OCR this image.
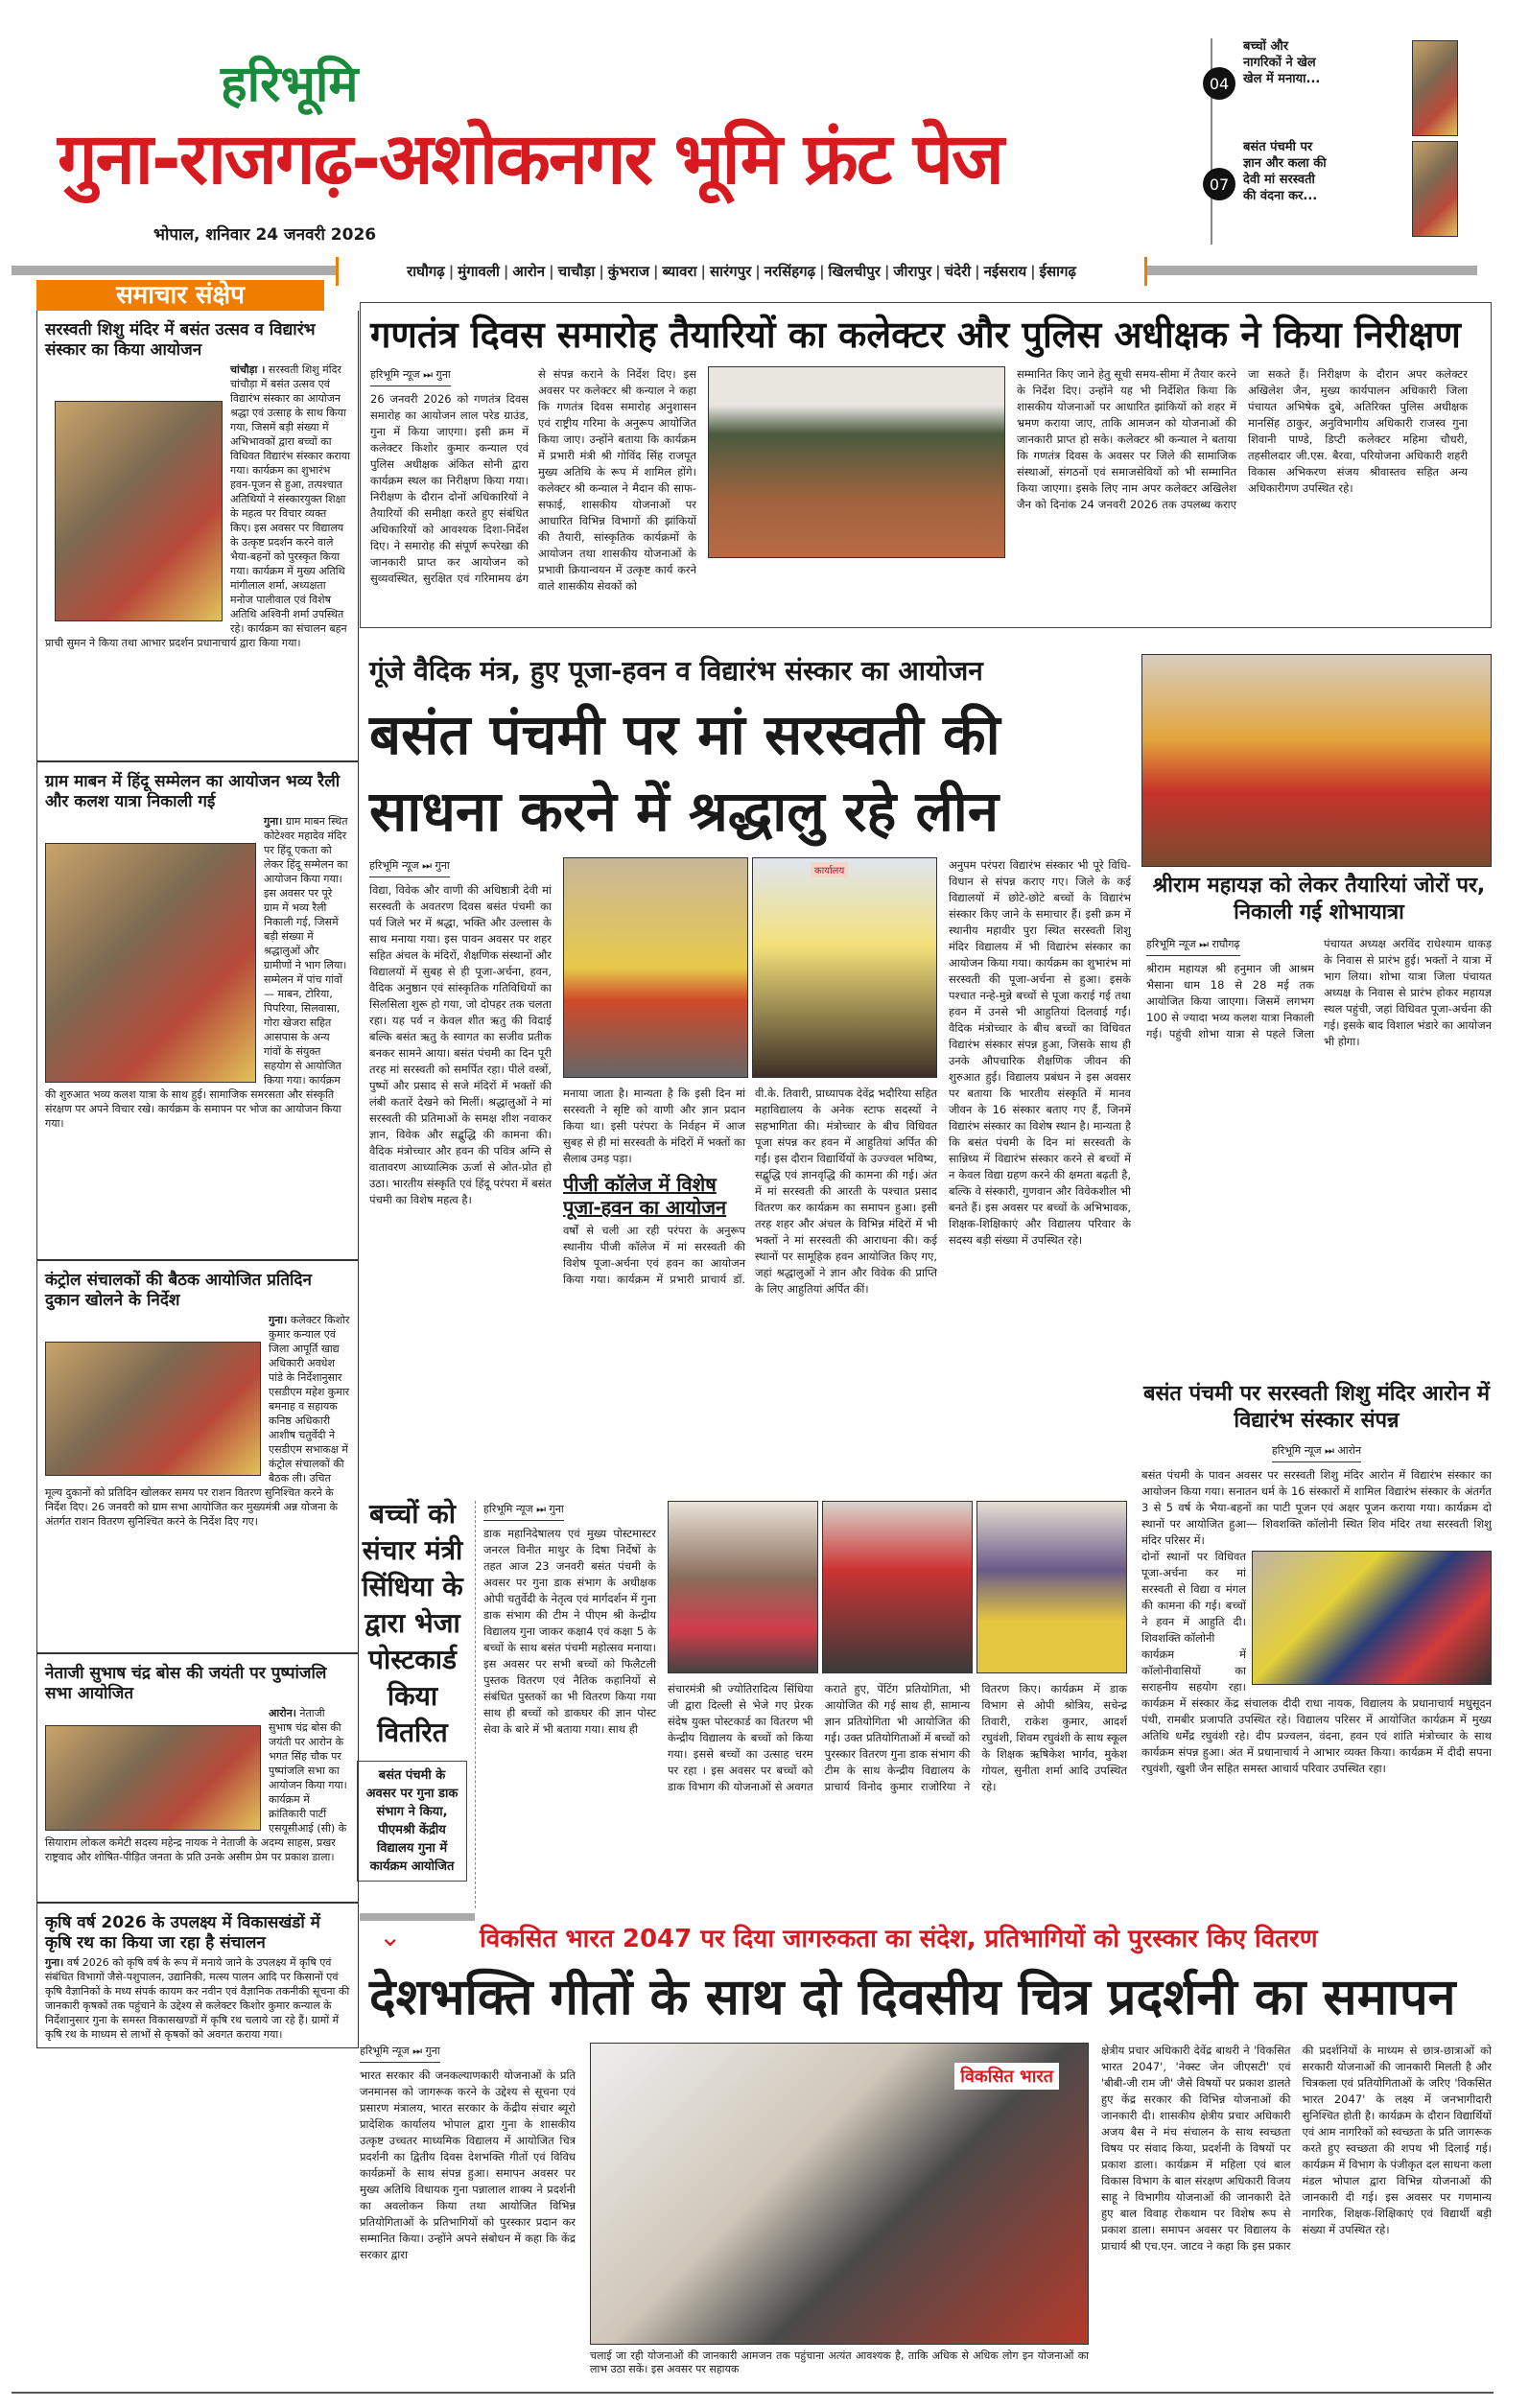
हरिभूमि
गुना-राजगढ़-अशोकनगर भूमि फ्रंट पेज
भोपाल, शनिवार 24 जनवरी 2026
04
बच्चों और नागरिकों ने खेल खेल में मनाया...
07
बसंत पंचमी पर ज्ञान और कला की देवी मां सरस्वती की वंदना कर...
राघौगढ़ | मुंगावली | आरोन | चाचौड़ा | कुंभराज | ब्यावरा | सारंगपुर | नरसिंहगढ़ | खिलचीपुर | जीरापुर | चंदेरी | नईसराय | ईसागढ़
समाचार संक्षेप
सरस्वती शिशु मंदिर में बसंत उत्सव व विद्यारंभ संस्कार का किया आयोजन
चांचौड़ा । सरस्वती शिशु मंदिर चांचौड़ा में बसंत उत्सव एवं विद्यारंभ संस्कार का आयोजन श्रद्धा एवं उत्साह के साथ किया गया, जिसमें बड़ी संख्या में अभिभावकों द्वारा बच्चों का विधिवत विद्यारंभ संस्कार कराया गया। कार्यक्रम का शुभारंभ हवन-पूजन से हुआ, तत्पश्चात अतिथियों ने संस्कारयुक्त शिक्षा के महत्व पर विचार व्यक्त किए। इस अवसर पर विद्यालय के उत्कृष्ट प्रदर्शन करने वाले भैया-बहनों को पुरस्कृत किया गया। कार्यक्रम में मुख्य अतिथि मांगीलाल शर्मा, अध्यक्षता मनोज पालीवाल एवं विशेष अतिथि अश्विनी शर्मा उपस्थित रहे। कार्यक्रम का संचालन बहन प्राची सुमन ने किया तथा आभार प्रदर्शन प्रधानाचार्य द्वारा किया गया।
ग्राम माबन में हिंदू सम्मेलन का आयोजन भव्य रैली और कलश यात्रा निकाली गई
गुना। ग्राम माबन स्थित कोटेश्वर महादेव मंदिर पर हिंदू एकता को लेकर हिंदू सम्मेलन का आयोजन किया गया। इस अवसर पर पूरे ग्राम में भव्य रैली निकाली गई, जिसमें बड़ी संख्या में श्रद्धालुओं और ग्रामीणों ने भाग लिया। सम्मेलन में पांच गांवों— माबन, टोरिया, पिपरिया, सिलवासा, गोरा खेजरा सहित आसपास के अन्य गांवों के संयुक्त सहयोग से आयोजित किया गया। कार्यक्रम की शुरुआत भव्य कलश यात्रा के साथ हुई। सामाजिक समरसता और संस्कृति संरक्षण पर अपने विचार रखे। कार्यक्रम के समापन पर भोज का आयोजन किया गया।
कंट्रोल संचालकों की बैठक आयोजित प्रतिदिन दुकान खोलने के निर्देश
गुना। कलेक्टर किशोर कुमार कन्याल एवं जिला आपूर्ति खाद्य अधिकारी अवधेश पांडे के निर्देशानुसार एसडीएम महेश कुमार बमनाह व सहायक कनिष्ठ अधिकारी आशीष चतुर्वेदी ने एसडीएम सभाकक्ष में कंट्रोल संचालकों की बैठक ली। उचित मूल्य दुकानों को प्रतिदिन खोलकर समय पर राशन वितरण सुनिश्चित करने के निर्देश दिए। 26 जनवरी को ग्राम सभा आयोजित कर मुख्यमंत्री अन्न योजना के अंतर्गत राशन वितरण सुनिश्चित करने के निर्देश दिए गए।
नेताजी सुभाष चंद्र बोस की जयंती पर पुष्पांजलि सभा आयोजित
आरोन। नेताजी सुभाष चंद्र बोस की जयंती पर आरोन के भगत सिंह चौक पर पुष्पांजलि सभा का आयोजन किया गया। कार्यक्रम में क्रांतिकारी पार्टी एसयूसीआई (सी) के सियाराम लोकल कमेटी सदस्य महेन्द्र नायक ने नेताजी के अदम्य साहस, प्रखर राष्ट्रवाद और शोषित-पीड़ित जनता के प्रति उनके असीम प्रेम पर प्रकाश डाला।
कृषि वर्ष 2026 के उपलक्ष्य में विकासखंडों में कृषि रथ का किया जा रहा है संचालन
गुना। वर्ष 2026 को कृषि वर्ष के रूप में मनाये जाने के उपलक्ष्य में कृषि एवं संबंधित विभागों जैसे-पशुपालन, उद्यानिकी, मत्स्य पालन आदि पर किसानों एवं कृषि वैज्ञानिकों के मध्य संपर्क कायम कर नवीन एवं वैज्ञानिक तकनीकी सूचना की जानकारी कृषकों तक पहुंचाने के उद्देश्य से कलेक्टर किशोर कुमार कन्याल के निर्देशानुसार गुना के समस्त विकासखण्डों में कृषि रथ चलाये जा रहे हैं। ग्रामों में कृषि रथ के माध्यम से लाभों से कृषकों को अवगत कराया गया।
गणतंत्र दिवस समारोह तैयारियों का कलेक्टर और पुलिस अधीक्षक ने किया निरीक्षण
हरिभूमि न्यूज ⏭ गुना
26 जनवरी 2026 को गणतंत्र दिवस समारोह का आयोजन लाल परेड ग्राउंड, गुना में किया जाएगा। इसी क्रम में कलेक्टर किशोर कुमार कन्याल एवं पुलिस अधीक्षक अंकित सोनी द्वारा कार्यक्रम स्थल का निरीक्षण किया गया। निरीक्षण के दौरान दोनों अधिकारियों ने तैयारियों की समीक्षा करते हुए संबंधित अधिकारियों को आवश्यक दिशा-निर्देश दिए। ने समारोह की संपूर्ण रूपरेखा की जानकारी प्राप्त कर आयोजन को सुव्यवस्थित, सुरक्षित एवं गरिमामय ढंग से संपन्न कराने के निर्देश दिए। इस अवसर पर कलेक्टर श्री कन्याल ने कहा कि गणतंत्र दिवस समारोह अनुशासन एवं राष्ट्रीय गरिमा के अनुरूप आयोजित किया जाए। उन्होंने बताया कि कार्यक्रम में प्रभारी मंत्री श्री गोविंद सिंह राजपूत मुख्य अतिथि के रूप में शामिल होंगे। कलेक्टर श्री कन्याल ने मैदान की साफ-सफाई, शासकीय योजनाओं पर आधारित विभिन्न विभागों की झांकियों की तैयारी, सांस्कृतिक कार्यक्रमों के आयोजन तथा शासकीय योजनाओं के प्रभावी क्रियान्वयन में उत्कृष्ट कार्य करने वाले शासकीय सेवकों को
सम्मानित किए जाने हेतु सूची समय-सीमा में तैयार करने के निर्देश दिए। उन्होंने यह भी निर्देशित किया कि शासकीय योजनाओं पर आधारित झांकियों को शहर में भ्रमण कराया जाए, ताकि आमजन को योजनाओं की जानकारी प्राप्त हो सके। कलेक्टर श्री कन्याल ने बताया कि गणतंत्र दिवस के अवसर पर जिले की सामाजिक संस्थाओं, संगठनों एवं समाजसेवियों को भी सम्मानित किया जाएगा। इसके लिए नाम अपर कलेक्टर अखिलेश जैन को दिनांक 24 जनवरी 2026 तक उपलब्ध कराए जा सकते हैं। निरीक्षण के दौरान अपर कलेक्टर अखिलेश जैन, मुख्य कार्यपालन अधिकारी जिला पंचायत अभिषेक दुबे, अतिरिक्त पुलिस अधीक्षक मानसिंह ठाकुर, अनुविभागीय अधिकारी राजस्व गुना शिवानी पाण्डे, डिप्टी कलेक्टर महिमा चौधरी, तहसीलदार जी.एस. बैरवा, परियोजना अधिकारी शहरी विकास अभिकरण संजय श्रीवास्तव सहित अन्य अधिकारीगण उपस्थित रहे।
गूंजे वैदिक मंत्र, हुए पूजा-हवन व विद्यारंभ संस्कार का आयोजन
बसंत पंचमी पर मां सरस्वती की साधना करने में श्रद्धालु रहे लीन
हरिभूमि न्यूज ⏭ गुना
विद्या, विवेक और वाणी की अधिष्ठात्री देवी मां सरस्वती के अवतरण दिवस बसंत पंचमी का पर्व जिले भर में श्रद्धा, भक्ति और उल्लास के साथ मनाया गया। इस पावन अवसर पर शहर सहित अंचल के मंदिरों, शैक्षणिक संस्थानों और विद्यालयों में सुबह से ही पूजा-अर्चना, हवन, वैदिक अनुष्ठान एवं सांस्कृतिक गतिविधियों का सिलसिला शुरू हो गया, जो दोपहर तक चलता रहा। यह पर्व न केवल शीत ऋतु की विदाई बल्कि बसंत ऋतु के स्वागत का सजीव प्रतीक बनकर सामने आया। बसंत पंचमी का दिन पूरी तरह मां सरस्वती को समर्पित रहा। पीले वस्त्रों, पुष्पों और प्रसाद से सजे मंदिरों में भक्तों की लंबी कतारें देखने को मिलीं। श्रद्धालुओं ने मां सरस्वती की प्रतिमाओं के समक्ष शीश नवाकर ज्ञान, विवेक और सद्बुद्धि की कामना की। वैदिक मंत्रोच्चार और हवन की पवित्र अग्नि से वातावरण आध्यात्मिक ऊर्जा से ओत-प्रोत हो उठा। भारतीय संस्कृति एवं हिंदू परंपरा में बसंत पंचमी का विशेष महत्व है।
कार्यालय
मनाया जाता है। मान्यता है कि इसी दिन मां सरस्वती ने सृष्टि को वाणी और ज्ञान प्रदान किया था। इसी परंपरा के निर्वहन में आज सुबह से ही मां सरस्वती के मंदिरों में भक्तों का सैलाब उमड़ पड़ा।
पीजी कॉलेज में विशेष पूजा-हवन का आयोजन
वर्षों से चली आ रही परंपरा के अनुरूप स्थानीय पीजी कॉलेज में मां सरस्वती की विशेष पूजा-अर्चना एवं हवन का आयोजन किया गया। कार्यक्रम में प्रभारी प्राचार्य डॉ. वी.के. तिवारी, प्राध्यापक देवेंद्र भदौरिया सहित महाविद्यालय के अनेक स्टाफ सदस्यों ने सहभागिता की। मंत्रोच्चार के बीच विधिवत पूजा संपन्न कर हवन में आहुतियां अर्पित की गईं। इस दौरान विद्यार्थियों के उज्ज्वल भविष्य, सद्बुद्धि एवं ज्ञानवृद्धि की कामना की गई। अंत में मां सरस्वती की आरती के पश्चात प्रसाद वितरण कर कार्यक्रम का समापन हुआ। इसी तरह शहर और अंचल के विभिन्न मंदिरों में भी भक्तों ने मां सरस्वती की आराधना की। कई स्थानों पर सामूहिक हवन आयोजित किए गए, जहां श्रद्धालुओं ने ज्ञान और विवेक की प्राप्ति के लिए आहुतियां अर्पित कीं।
अनुपम परंपरा विद्यारंभ संस्कार भी पूरे विधि-विधान से संपन्न कराए गए। जिले के कई विद्यालयों में छोटे-छोटे बच्चों के विद्यारंभ संस्कार किए जाने के समाचार हैं। इसी क्रम में स्थानीय महावीर पुरा स्थित सरस्वती शिशु मंदिर विद्यालय में भी विद्यारंभ संस्कार का आयोजन किया गया। कार्यक्रम का शुभारंभ मां सरस्वती की पूजा-अर्चना से हुआ। इसके पश्चात नन्हे-मुन्ने बच्चों से पूजा कराई गई तथा हवन में उनसे भी आहुतियां दिलवाई गईं। वैदिक मंत्रोच्चार के बीच बच्चों का विधिवत विद्यारंभ संस्कार संपन्न हुआ, जिसके साथ ही उनके औपचारिक शैक्षणिक जीवन की शुरुआत हुई। विद्यालय प्रबंधन ने इस अवसर पर बताया कि भारतीय संस्कृति में मानव जीवन के 16 संस्कार बताए गए हैं, जिनमें विद्यारंभ संस्कार का विशेष स्थान है। मान्यता है कि बसंत पंचमी के दिन मां सरस्वती के सान्निध्य में विद्यारंभ संस्कार करने से बच्चों में न केवल विद्या ग्रहण करने की क्षमता बढ़ती है, बल्कि वे संस्कारी, गुणवान और विवेकशील भी बनते हैं। इस अवसर पर बच्चों के अभिभावक, शिक्षक-शिक्षिकाएं और विद्यालय परिवार के सदस्य बड़ी संख्या में उपस्थित रहे।
श्रीराम महायज्ञ को लेकर तैयारियां जोरों पर, निकाली गई शोभायात्रा
हरिभूमि न्यूज ⏭ राघौगढ़
श्रीराम महायज्ञ श्री हनुमान जी आश्रम भैसाना धाम 18 से 28 मई तक आयोजित किया जाएगा। जिसमें लगभग 100 से ज्यादा भव्य कलश यात्रा निकाली गई। पहुंची शोभा यात्रा से पहले जिला पंचायत अध्यक्ष अरविंद राधेश्याम धाकड़ के निवास से प्रारंभ हुई। भक्तों ने यात्रा में भाग लिया। शोभा यात्रा जिला पंचायत अध्यक्ष के निवास से प्रारंभ होकर महायज्ञ स्थल पहुंची, जहां विधिवत पूजा-अर्चना की गई। इसके बाद विशाल भंडारे का आयोजन भी होगा।
बसंत पंचमी पर सरस्वती शिशु मंदिर आरोन में विद्यारंभ संस्कार संपन्न
हरिभूमि न्यूज ⏭ आरोन
बसंत पंचमी के पावन अवसर पर सरस्वती शिशु मंदिर आरोन में विद्यारंभ संस्कार का आयोजन किया गया। सनातन धर्म के 16 संस्कारों में शामिल विद्यारंभ संस्कार के अंतर्गत 3 से 5 वर्ष के भैया-बहनों का पाटी पूजन एवं अक्षर पूजन कराया गया। कार्यक्रम दो स्थानों पर आयोजित हुआ— शिवशक्ति कॉलोनी स्थित शिव मंदिर तथा सरस्वती शिशु मंदिर परिसर में।
दोनों स्थानों पर विधिवत पूजा-अर्चना कर मां सरस्वती से विद्या व मंगल की कामना की गई। बच्चों ने हवन में आहुति दी। शिवशक्ति कॉलोनी
कार्यक्रम में कॉलोनीवासियों का सराहनीय सहयोग रहा। कार्यक्रम में संस्कार केंद्र संचालक दीदी राधा नायक, विद्यालय के प्रधानाचार्य मधुसूदन पंथी, रामबीर प्रजापति उपस्थित रहे। विद्यालय परिसर में आयोजित कार्यक्रम में मुख्य अतिथि धर्मेंद्र रघुवंशी रहे। दीप प्रज्वलन, वंदना, हवन एवं शांति मंत्रोच्चार के साथ कार्यक्रम संपन्न हुआ। अंत में प्रधानाचार्य ने आभार व्यक्त किया। कार्यक्रम में दीदी सपना रघुवंशी, खुशी जैन सहित समस्त आचार्य परिवार उपस्थित रहा।
बच्चों को संचार मंत्री सिंधिया के द्वारा भेजा पोस्टकार्ड किया वितरित
बसंत पंचमी के अवसर पर गुना डाक संभाग ने किया, पीएमश्री केंद्रीय विद्यालय गुना में कार्यक्रम आयोजित
हरिभूमि न्यूज ⏭ गुना
डाक महानिदेषालय एवं मुख्य पोस्टमास्टर जनरल विनीत माथुर के दिषा निर्देषों के तहत आज 23 जनवरी बसंत पंचमी के अवसर पर गुना डाक संभाग के अधीक्षक ओपी चतुर्वेदी के नेतृत्व एवं मार्गदर्शन में गुना डाक संभाग की टीम ने पीएम श्री केन्द्रीय विद्यालय गुना जाकर कक्षा4 एवं कक्षा 5 के बच्चों के साथ बसंत पंचमी महोत्सव मनाया। इस अवसर पर सभी बच्चों को फिलैटली पुस्तक वितरण एवं नैतिक कहानियों से संबंधित पुस्तकों का भी वितरण किया गया साथ ही बच्चों को डाकघर की ज्ञान पोस्ट सेवा के बारे में भी बताया गया। साथ ही
संचारमंत्री श्री ज्योतिरादित्य सिंधिया जी द्वारा दिल्ली से भेजे गए प्रेरक संदेष युक्त पोस्टकार्ड का वितरण भी केन्द्रीय विद्यालय के बच्चों को किया गया। इससे बच्चों का उत्साह चरम पर रहा । इस अवसर पर बच्चों को डाक विभाग की योजनाओं से अवगत कराते हुए, पेंटिंग प्रतियोगिता, भी आयोजित की गई साथ ही, सामान्य ज्ञान प्रतियोगिता भी आयोजित की गई। उक्त प्रतियोगिताओं में बच्चों को पुरस्कार वितरण गुना डाक संभाग की टीम के साथ केन्द्रीय विद्यालय के प्राचार्य विनोद कुमार राजोरिया ने वितरण किए। कार्यक्रम में डाक विभाग से ओपी श्रोत्रिय, सचेन्द्र तिवारी, राकेश कुमार, आदर्श रघुवंशी, शिवम रघुवंशी के साथ स्कूल के शिक्षक ऋषिकेश भार्गव, मुकेश गोयल, सुनीता शर्मा आदि उपस्थित रहे।
⌄	विकसित भारत 2047 पर दिया जागरुकता का संदेश, प्रतिभागियों को पुरस्कार किए वितरण
देशभक्ति गीतों के साथ दो दिवसीय चित्र प्रदर्शनी का समापन
हरिभूमि न्यूज ⏭ गुना
भारत सरकार की जनकल्याणकारी योजनाओं के प्रति जनमानस को जागरूक करने के उद्देश्य से सूचना एवं प्रसारण मंत्रालय, भारत सरकार के केंद्रीय संचार ब्यूरो प्रादेशिक कार्यालय भोपाल द्वारा गुना के शासकीय उत्कृष्ट उच्चतर माध्यमिक विद्यालय में आयोजित चित्र प्रदर्शनी का द्वितीय दिवस देशभक्ति गीतों एवं विविध कार्यक्रमों के साथ संपन्न हुआ। समापन अवसर पर मुख्य अतिथि विधायक गुना पन्नालाल शाक्य ने प्रदर्शनी का अवलोकन किया तथा आयोजित विभिन्न प्रतियोगिताओं के प्रतिभागियों को पुरस्कार प्रदान कर सम्मानित किया। उन्होंने अपने संबोधन में कहा कि केंद्र सरकार द्वारा
विकसित भारत
चलाई जा रही योजनाओं की जानकारी आमजन तक पहुंचाना अत्यंत आवश्यक है, ताकि अधिक से अधिक लोग इन योजनाओं का लाभ उठा सकें। इस अवसर पर सहायक
क्षेत्रीय प्रचार अधिकारी देवेंद्र बाथरी ने 'विकसित भारत 2047', 'नेक्स्ट जेन जीएसटी' एवं 'बीबी-जी राम जी' जैसे विषयों पर प्रकाश डालते हुए केंद्र सरकार की विभिन्न योजनाओं की जानकारी दी। शासकीय क्षेत्रीय प्रचार अधिकारी अजय बैस ने मंच संचालन के साथ स्वच्छता विषय पर संवाद किया, प्रदर्शनी के विषयों पर प्रकाश डाला। कार्यक्रम में महिला एवं बाल विकास विभाग के बाल संरक्षण अधिकारी विजय साहू ने विभागीय योजनाओं की जानकारी देते हुए बाल विवाह रोकथाम पर विशेष रूप से प्रकाश डाला। समापन अवसर पर विद्यालय के प्राचार्य श्री एच.एन. जाटव ने कहा कि इस प्रकार की प्रदर्शनियों के माध्यम से छात्र-छात्राओं को सरकारी योजनाओं की जानकारी मिलती है और चित्रकला एवं प्रतियोगिताओं के जरिए 'विकसित भारत 2047' के लक्ष्य में जनभागीदारी सुनिश्चित होती है। कार्यक्रम के दौरान विद्यार्थियों एवं आम नागरिकों को स्वच्छता के प्रति जागरूक करते हुए स्वच्छता की शपथ भी दिलाई गई। कार्यक्रम में विभाग के पंजीकृत दल साधना कला मंडल भोपाल द्वारा विभिन्न योजनाओं की जानकारी दी गई। इस अवसर पर गणमान्य नागरिक, शिक्षक-शिक्षिकाएं एवं विद्यार्थी बड़ी संख्या में उपस्थित रहे।
